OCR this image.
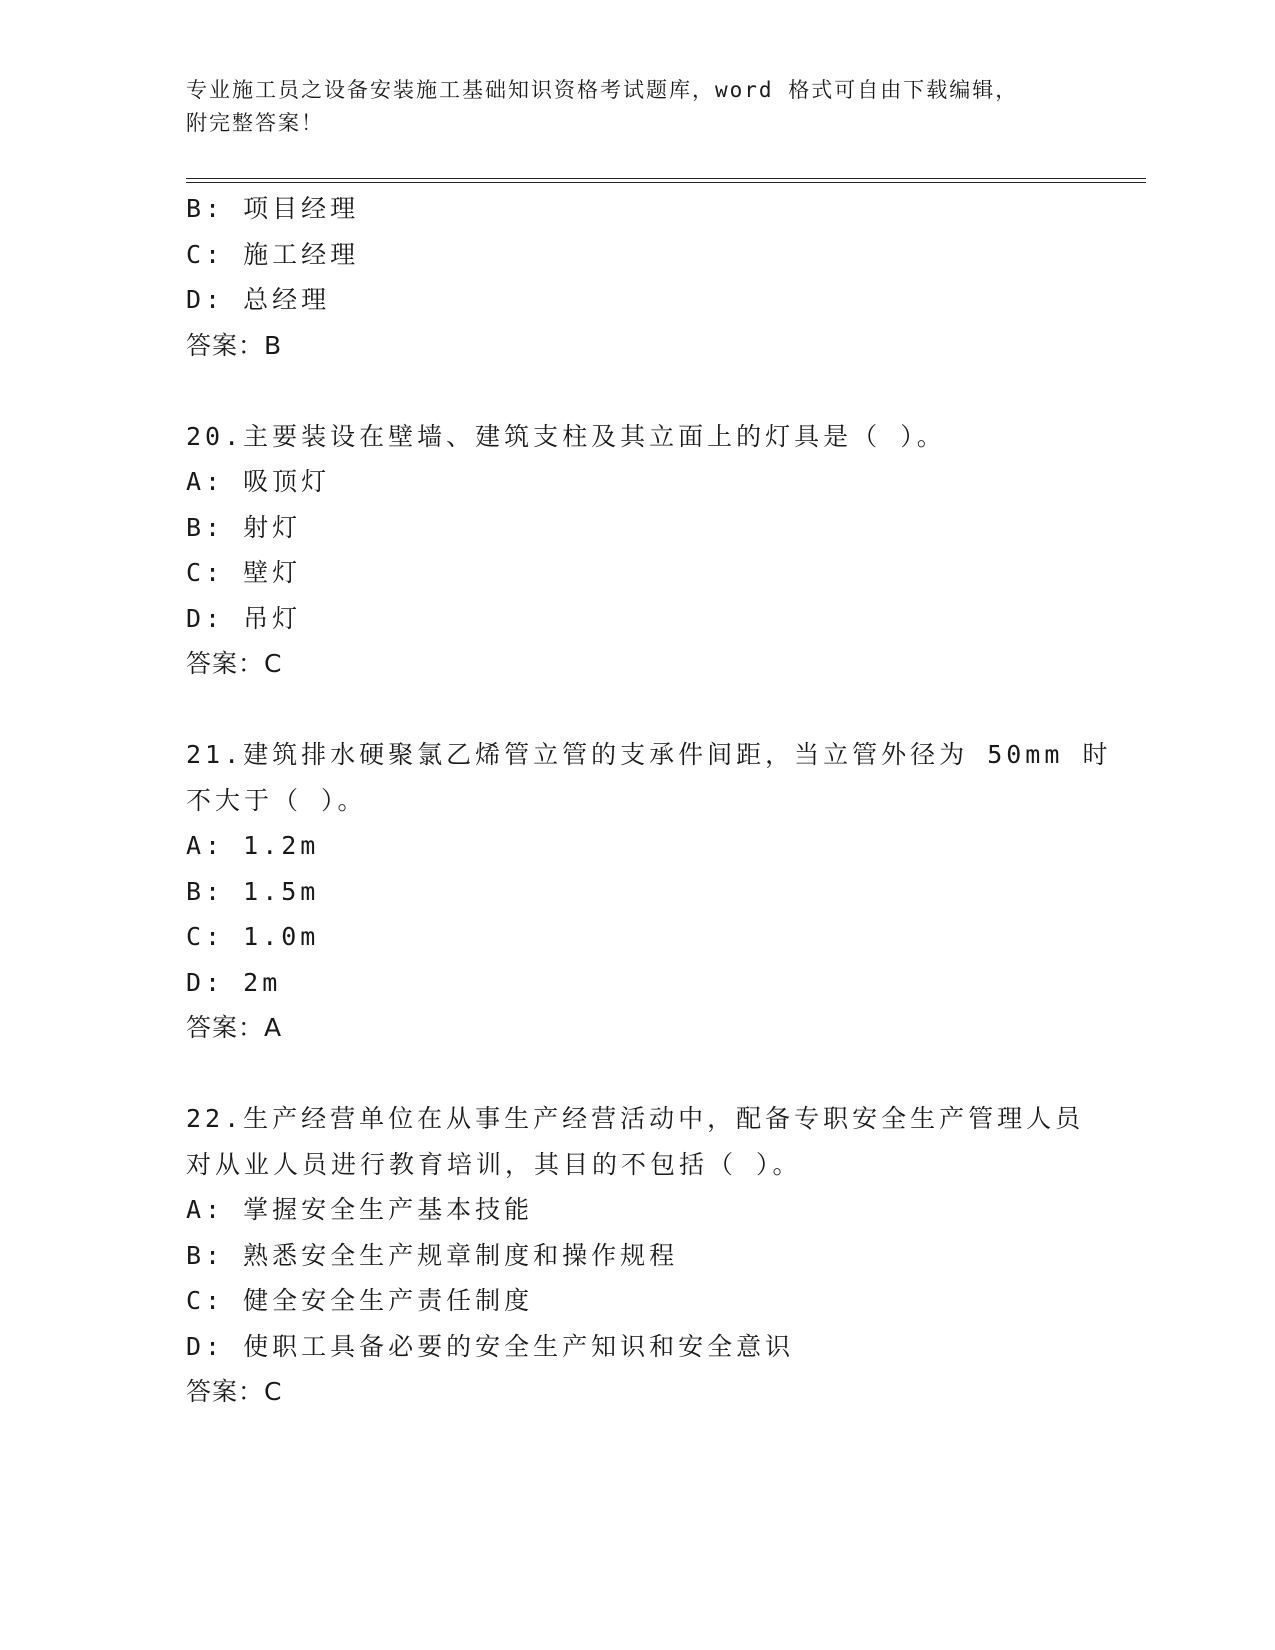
专业施工员之设备安装施工基础知识资格考试题库，word 格式可自由下载编辑，
附完整答案！
B: 项目经理
C: 施工经理
D: 总经理
答案：B
20.主要装设在壁墙、建筑支柱及其立面上的灯具是（ ）。
A: 吸顶灯
B: 射灯
C: 壁灯
D: 吊灯
答案：C
21.建筑排水硬聚氯乙烯管立管的支承件间距，当立管外径为 50mm 时
不大于（ ）。
A: 1.2m
B: 1.5m
C: 1.0m
D: 2m
答案：A
22.生产经营单位在从事生产经营活动中，配备专职安全生产管理人员
对从业人员进行教育培训，其目的不包括（ ）。
A: 掌握安全生产基本技能
B: 熟悉安全生产规章制度和操作规程
C: 健全安全生产责任制度
D: 使职工具备必要的安全生产知识和安全意识
答案：C
